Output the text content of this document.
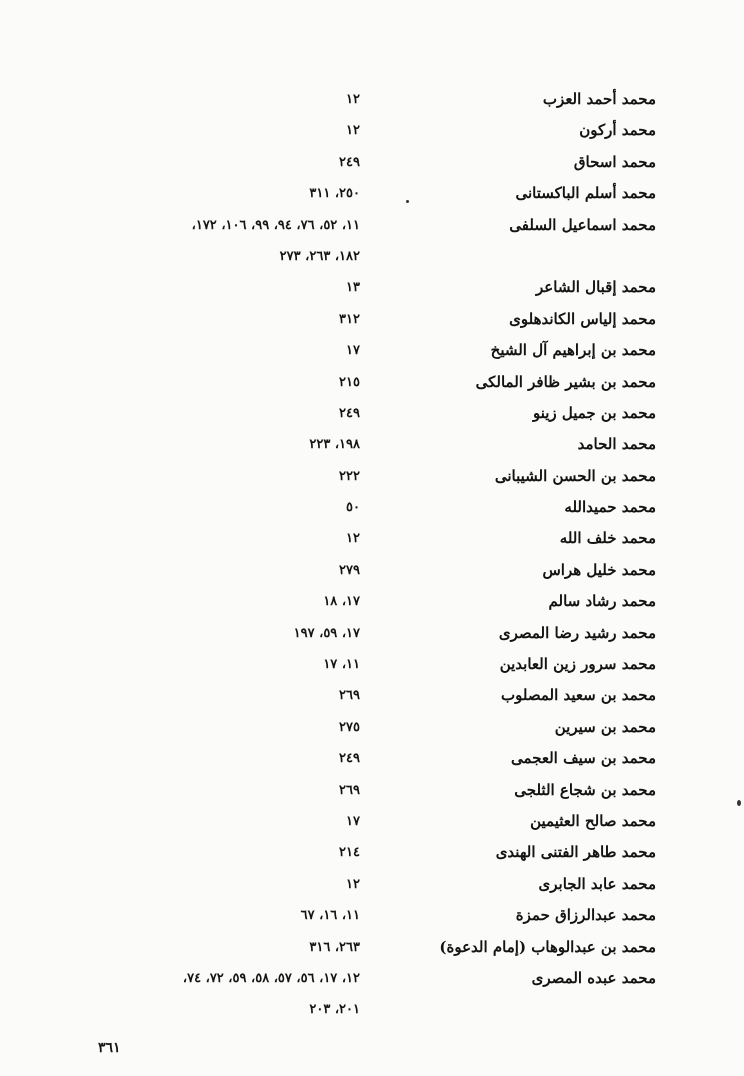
محمد أحمد العزب
١٢
محمد أركون
١٢
محمد اسحاق
٢٤٩
محمد أسلم الباكستانى
٢٥٠، ٣١١
محمد اسماعيل السلفى
١١، ٥٢، ٧٦، ٩٤، ٩٩، ١٠٦، ١٧٢،
١٨٢، ٢٦٣، ٢٧٣
محمد إقبال الشاعر
١٣
محمد إلياس الكاندهلوى
٣١٢
محمد بن إبراهيم آل الشيخ
١٧
محمد بن بشير ظافر المالكى
٢١٥
محمد بن جميل زينو
٢٤٩
محمد الحامد
١٩٨، ٢٢٣
محمد بن الحسن الشيبانى
٢٢٢
محمد حميدالله
٥٠
محمد خلف الله
١٢
محمد خليل هراس
٢٧٩
محمد رشاد سالم
١٧، ١٨
محمد رشيد رضا المصرى
١٧، ٥٩، ١٩٧
محمد سرور زين العابدين
١١، ١٧
محمد بن سعيد المصلوب
٢٦٩
محمد بن سيرين
٢٧٥
محمد بن سيف العجمى
٢٤٩
محمد بن شجاع الثلجى
٢٦٩
محمد صالح العثيمين
١٧
محمد طاهر الفتنى الهندى
٢١٤
محمد عابد الجابرى
١٢
محمد عبدالرزاق حمزة
١١، ١٦، ٦٧
محمد بن عبدالوهاب (إمام الدعوة)
٢٦٣، ٣١٦
محمد عبده المصرى
١٢، ١٧، ٥٦، ٥٧، ٥٨، ٥٩، ٧٢، ٧٤،
٢٠١، ٢٠٣
٣٦١
